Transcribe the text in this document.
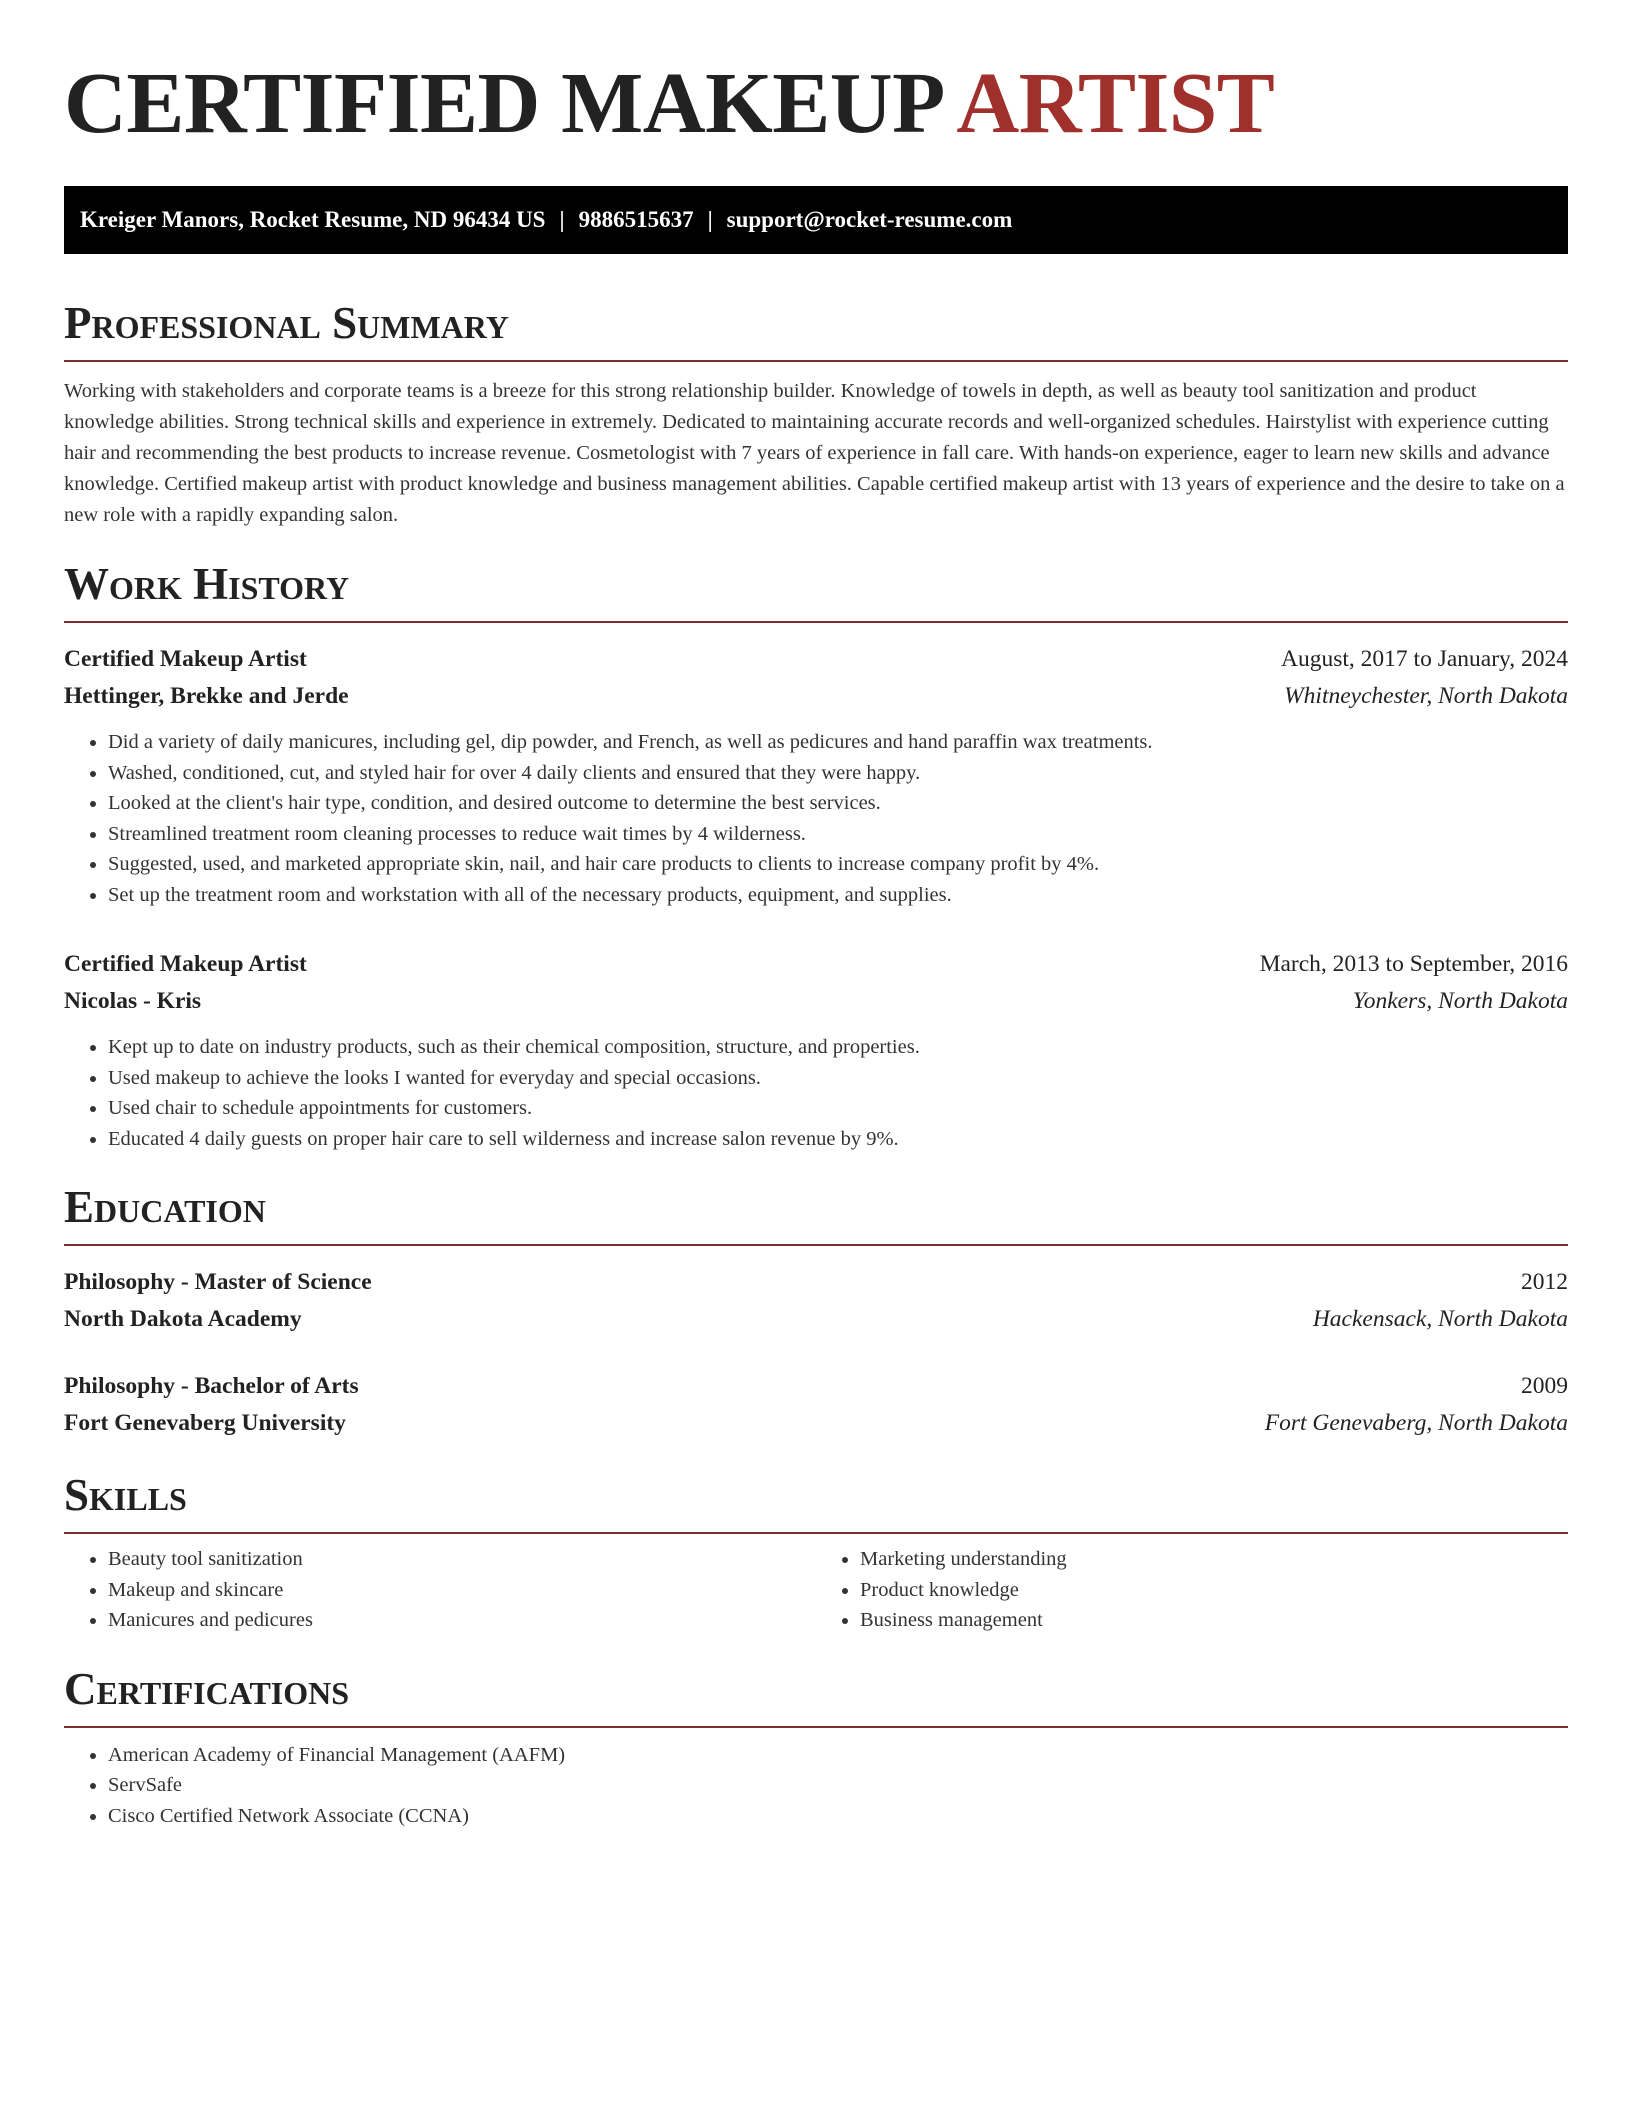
CERTIFIED MAKEUP ARTIST
Kreiger Manors, Rocket Resume, ND 96434 US | 9886515637 | support@rocket-resume.com
Professional Summary

Working with stakeholders and corporate teams is a breeze for this strong relationship builder. Knowledge of towels in depth, as well as beauty tool sanitization and product knowledge abilities. Strong technical skills and experience in extremely. Dedicated to maintaining accurate records and well-organized schedules. Hairstylist with experience cutting hair and recommending the best products to increase revenue. Cosmetologist with 7 years of experience in fall care. With hands-on experience, eager to learn new skills and advance knowledge. Certified makeup artist with product knowledge and business management abilities. Capable certified makeup artist with 13 years of experience and the desire to take on a new role with a rapidly expanding salon.

Work History
Certified Makeup Artist	August, 2017 to January, 2024
Hettinger, Brekke and Jerde	Whitneychester, North Dakota
• Did a variety of daily manicures, including gel, dip powder, and French, as well as pedicures and hand paraffin wax treatments.
• Washed, conditioned, cut, and styled hair for over 4 daily clients and ensured that they were happy.
• Looked at the client's hair type, condition, and desired outcome to determine the best services.
• Streamlined treatment room cleaning processes to reduce wait times by 4 wilderness.
• Suggested, used, and marketed appropriate skin, nail, and hair care products to clients to increase company profit by 4%.
• Set up the treatment room and workstation with all of the necessary products, equipment, and supplies.
Certified Makeup Artist	March, 2013 to September, 2016
Nicolas - Kris	Yonkers, North Dakota
• Kept up to date on industry products, such as their chemical composition, structure, and properties.
• Used makeup to achieve the looks I wanted for everyday and special occasions.
• Used chair to schedule appointments for customers.
• Educated 4 daily guests on proper hair care to sell wilderness and increase salon revenue by 9%.
Education
Philosophy - Master of Science	2012
North Dakota Academy	Hackensack, North Dakota
Philosophy - Bachelor of Arts	2009
Fort Genevaberg University	Fort Genevaberg, North Dakota
Skills
• Beauty tool sanitization
• Makeup and skincare
• Manicures and pedicures
• Marketing understanding
• Product knowledge
• Business management
Certifications
• American Academy of Financial Management (AAFM)
• ServSafe
• Cisco Certified Network Associate (CCNA)
